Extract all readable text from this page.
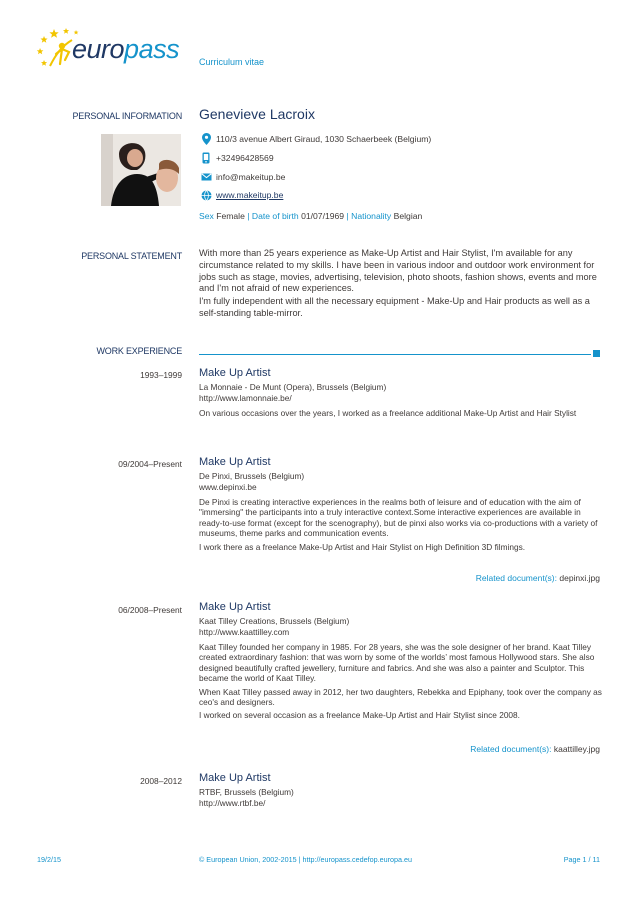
europass Curriculum vitae
PERSONAL INFORMATION Genevieve Lacroix
110/3 avenue Albert Giraud, 1030 Schaerbeek (Belgium)
+32496428569
info@makeitup.be
www.makeitup.be
Sex Female | Date of birth 01/07/1969 | Nationality Belgian
PERSONAL STATEMENT With more than 25 years experience as Make-Up Artist and Hair Stylist, I'm available for any circumstance related to my skills. I have been in various indoor and outdoor work environment for jobs such as stage, movies, advertising, television, photo shoots, fashion shows, events and more and I'm not afraid of new experiences.

I'm fully independent with all the necessary equipment - Make-Up and Hair products as well as a self-standing table-mirror.

WORK EXPERIENCE
1993–1999 Make Up Artist
La Monnaie - De Munt (Opera), Brussels (Belgium)
http://www.lamonnaie.be/

On various occasions over the years, I worked as a freelance additional Make-Up Artist and Hair Stylist

09/2004–Present Make Up Artist
De Pinxi, Brussels (Belgium)
www.depinxi.be

De Pinxi is creating interactive experiences in the realms both of leisure and of education with the aim of "immersing" the participants into a truly interactive context.Some interactive experiences are available in ready-to-use format (except for the scenography), but de pinxi also works via co-productions with a variety of museums, theme parks and communication events.

I work there as a freelance Make-Up Artist and Hair Stylist on High Definition 3D filmings.

Related document(s): depinxi.jpg
06/2008–Present Make Up Artist
Kaat Tilley Creations, Brussels (Belgium)
http://www.kaattilley.com

Kaat Tilley founded her company in 1985. For 28 years, she was the sole designer of her brand. Kaat Tilley created extraordinary fashion: that was worn by some of the worlds’ most famous Hollywood stars. She also designed beautifully crafted jewellery, furniture and fabrics. And she was also a painter and Sculptor. This became the world of Kaat Tilley.

When Kaat Tilley passed away in 2012, her two daughters, Rebekka and Epiphany, took over the company as ceo's and designers.

I worked on several occasion as a freelance Make-Up Artist and Hair Stylist since 2008.

Related document(s): kaattilley.jpg
2008–2012 Make Up Artist
RTBF, Brussels (Belgium)
http://www.rtbf.be/
19/2/15	© European Union, 2002-2015 | http://europass.cedefop.europa.eu	Page 1 / 11
